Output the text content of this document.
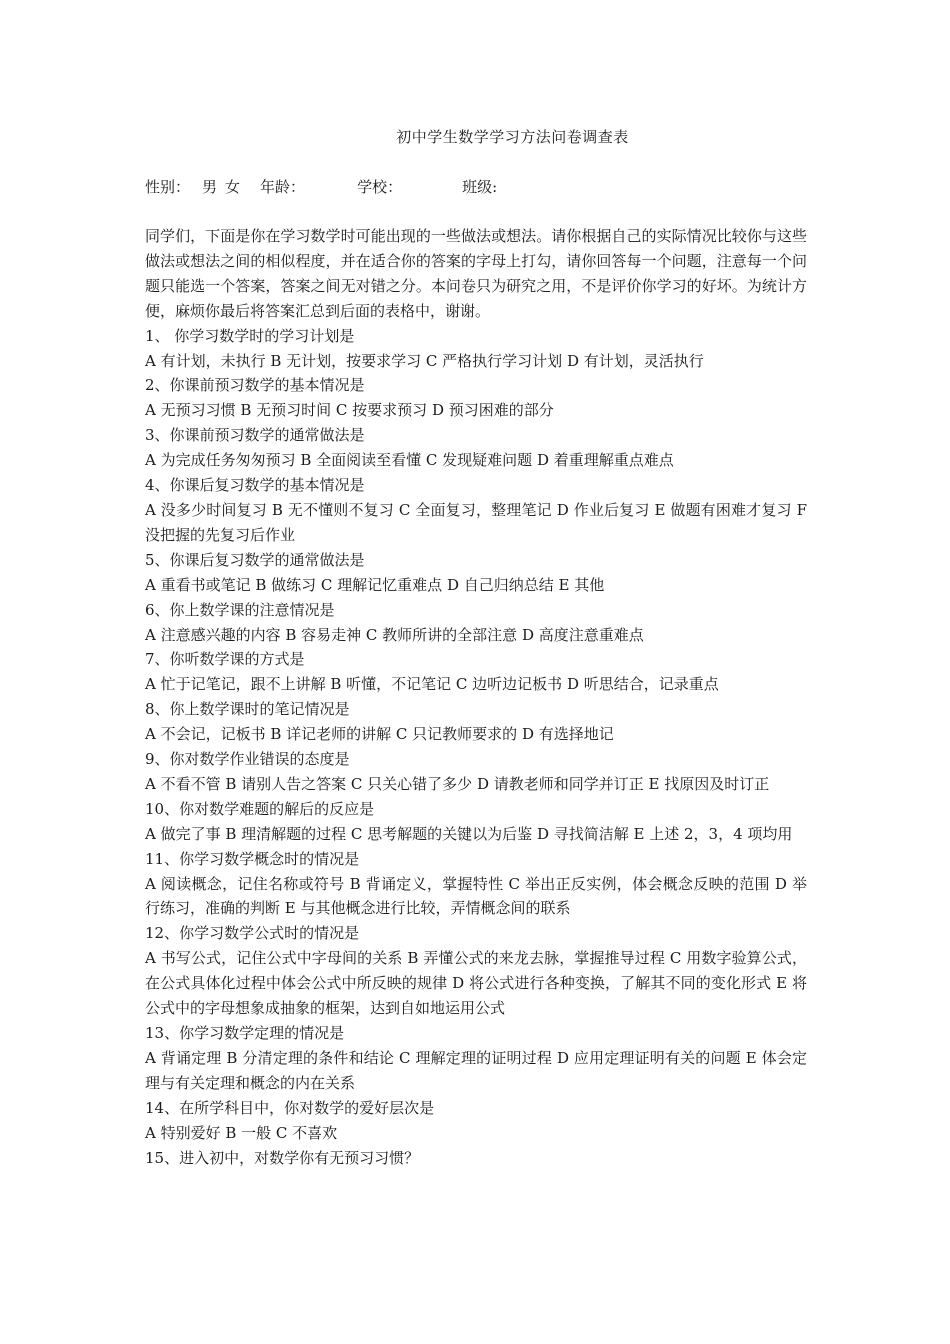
初中学生数学学习方法问卷调查表
性别： 男 女 年龄：	学校：	班级:

同学们，下面是你在学习数学时可能出现的一些做法或想法。请你根据自己的实际情况比较你与这些做法或想法之间的相似程度，并在适合你的答案的字母上打勾，请你回答每一个问题，注意每一个问题只能选一个答案，答案之间无对错之分。本问卷只为研究之用，不是评价你学习的好坏。为统计方便，麻烦你最后将答案汇总到后面的表格中，谢谢。

1、 你学习数学时的学习计划是

A 有计划，未执行 B 无计划，按要求学习 C 严格执行学习计划 D 有计划，灵活执行

2、你课前预习数学的基本情况是

A 无预习习惯 B 无预习时间 C 按要求预习 D 预习困难的部分

3、你课前预习数学的通常做法是

A 为完成任务匆匆预习 B 全面阅读至看懂 C 发现疑难问题 D 着重理解重点难点

4、你课后复习数学的基本情况是

A 没多少时间复习 B 无不懂则不复习 C 全面复习，整理笔记 D 作业后复习 E 做题有困难才复习 F 没把握的先复习后作业

5、你课后复习数学的通常做法是

A 重看书或笔记 B 做练习 C 理解记忆重难点 D 自己归纳总结 E 其他

6、你上数学课的注意情况是

A 注意感兴趣的内容 B 容易走神 C 教师所讲的全部注意 D 高度注意重难点

7、你听数学课的方式是

A 忙于记笔记，跟不上讲解 B 听懂，不记笔记 C 边听边记板书 D 听思结合，记录重点

8、你上数学课时的笔记情况是

A 不会记，记板书 B 详记老师的讲解 C 只记教师要求的 D 有选择地记

9、你对数学作业错误的态度是

A 不看不管 B 请别人告之答案 C 只关心错了多少 D 请教老师和同学并订正 E 找原因及时订正

10、你对数学难题的解后的反应是

A 做完了事 B 理清解题的过程 C 思考解题的关键以为后鉴 D 寻找简洁解 E 上述 2，3，4 项均用

11、你学习数学概念时的情况是

A 阅读概念，记住名称或符号 B 背诵定义，掌握特性 C 举出正反实例，体会概念反映的范围 D 举行练习，准确的判断 E 与其他概念进行比较，弄情概念间的联系

12、你学习数学公式时的情况是

A 书写公式，记住公式中字母间的关系 B 弄懂公式的来龙去脉，掌握推导过程 C 用数字验算公式，在公式具体化过程中体会公式中所反映的规律 D 将公式进行各种变换，了解其不同的变化形式 E 将公式中的字母想象成抽象的框架，达到自如地运用公式

13、你学习数学定理的情况是

A 背诵定理 B 分清定理的条件和结论 C 理解定理的证明过程 D 应用定理证明有关的问题 E 体会定理与有关定理和概念的内在关系

14、在所学科目中，你对数学的爱好层次是

A 特别爱好 B 一般 C 不喜欢

15、进入初中，对数学你有无预习习惯？
